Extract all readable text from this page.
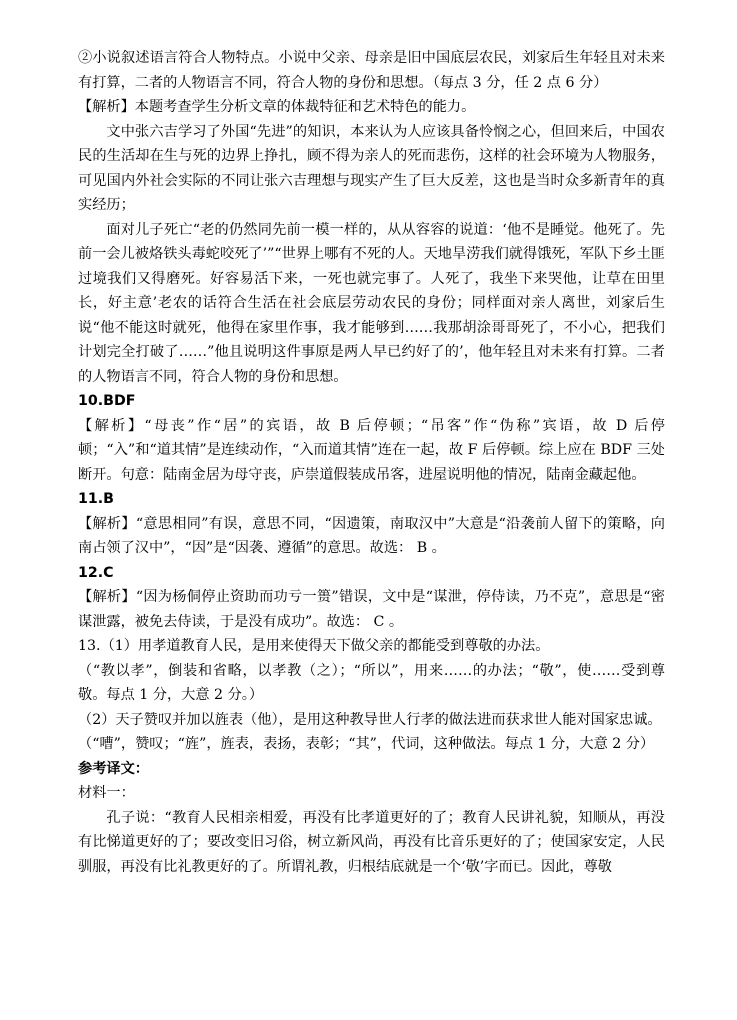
②小说叙述语言符合人物特点。小说中父亲、母亲是旧中国底层农民，刘家后生年轻且对未来有打算，二者的人物语言不同，符合人物的身份和思想。（每点 3 分，任 2 点 6 分）

【解析】本题考查学生分析文章的体裁特征和艺术特色的能力。

文中张六吉学习了外国“先进”的知识，本来认为人应该具备怜悯之心，但回来后，中国农民的生活却在生与死的边界上挣扎，顾不得为亲人的死而悲伤，这样的社会环境为人物服务，可见国内外社会实际的不同让张六吉理想与现实产生了巨大反差，这也是当时众多新青年的真实经历；

面对儿子死亡“老的仍然同先前一模一样的，从从容容的说道：‘他不是睡觉。他死了。先前一会儿被烙铁头毒蛇咬死了’”“世界上哪有不死的人。天地旱涝我们就得饿死，军队下乡土匪过境我们又得磨死。好容易活下来，一死也就完事了。人死了，我坐下来哭他，让草在田里长，好主意’老农的话符合生活在社会底层劳动农民的身份；同样面对亲人离世，刘家后生说“他不能这时就死，他得在家里作事，我才能够到……我那胡涂哥哥死了，不小心，把我们计划完全打破了……”他且说明这件事原是两人早已约好了的’，他年轻且对未来有打算。二者的人物语言不同，符合人物的身份和思想。

10.BDF

【解析】“母丧”作“居”的宾语，故 B 后停顿；“吊客”作“伪称”宾语，故 D 后停顿；“入”和“道其情”是连续动作，“入而道其情”连在一起，故 F 后停顿。综上应在 BDF 三处断开。句意：陆南金居为母守丧，庐崇道假装成吊客，进屋说明他的情况，陆南金藏起他。

11.B

【解析】“意思相同”有误，意思不同，“因遗策，南取汉中”大意是“沿袭前人留下的策略，向南占领了汉中”，“因”是“因袭、遵循”的意思。故选： B 。

12.C

【解析】“因为杨侗停止资助而功亏一篑”错误，文中是“谋泄，停侍读，乃不克”，意思是“密谋泄露，被免去侍读，于是没有成功”。故选： C 。

13.（1）用孝道教育人民，是用来使得天下做父亲的都能受到尊敬的办法。

（“教以孝”，倒装和省略，以孝教（之）；“所以”，用来……的办法；“敬”，使……受到尊敬。每点 1 分，大意 2 分。）

（2）天子赞叹并加以旌表（他），是用这种教导世人行孝的做法进而获求世人能对国家忠诚。

（“嘈”，赞叹；“旌”，旌表，表扬，表彰；“其”，代词，这种做法。每点 1 分，大意 2 分）

参考译文：

材料一：

孔子说：“教育人民相亲相爱，再没有比孝道更好的了；教育人民讲礼貌，知顺从，再没有比悌道更好的了；要改变旧习俗，树立新风尚，再没有比音乐更好的了；使国家安定，人民驯服，再没有比礼教更好的了。所谓礼教，归根结底就是一个‘敬’字而已。因此，尊敬
